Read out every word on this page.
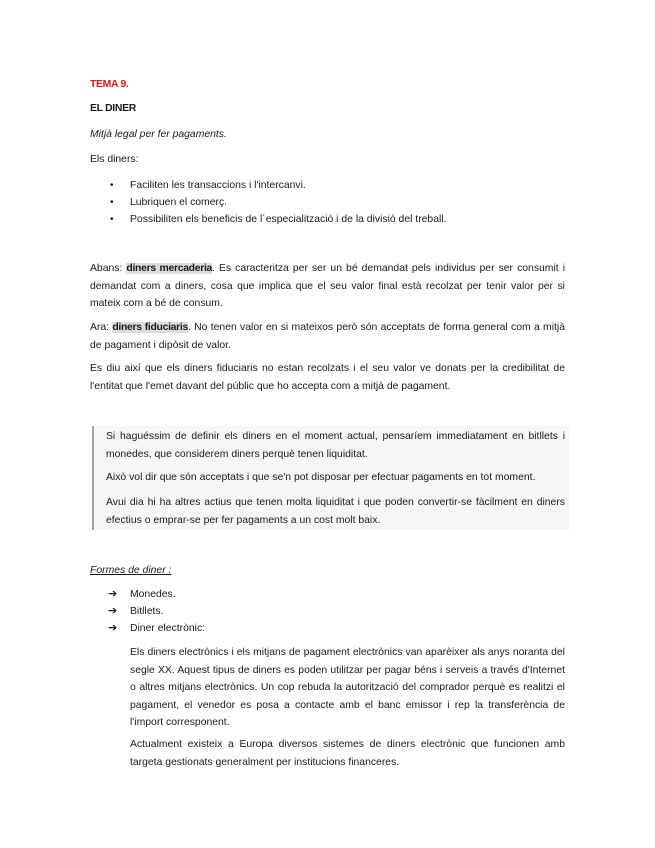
TEMA 9.
EL DINER
Mitjà legal per fer pagaments.
Els diners:
• Faciliten les transaccions i l'intercanvi.
• Lubriquen el comerç.
• Possibiliten els beneficis de l´especialització i de la divisió del treball.
Abans: diners mercaderia. Es caracteritza per ser un bé demandat pels individus per ser consumit i demandat com a diners, cosa que implica que el seu valor final està recolzat per tenir valor per si mateix com a bé de consum.
Ara: diners fiduciaris. No tenen valor en si mateixos però són acceptats de forma general com a mitjà de pagament i dipòsit de valor.
Es diu així que els diners fiduciaris no estan recolzats i el seu valor ve donats per la credibilitat de l'entitat que l'emet davant del públic que ho accepta com a mitjà de pagament.
Si haguéssim de definir els diners en el moment actual, pensaríem immediatament en bitllets i monedes, que considerem diners perquè tenen liquiditat.
Això vol dir que són acceptats i que se'n pot disposar per efectuar pagaments en tot moment.
Avui dia hi ha altres actius que tenen molta liquiditat i que poden convertir-se fàcilment en diners efectius o emprar-se per fer pagaments a un cost molt baix.
Formes de diner :
➔ Monedes.
➔ Bitllets.
➔ Diner electrònic:
Els diners electrònics i els mitjans de pagament electrònics van aparèixer als anys noranta del segle XX. Aquest tipus de diners es poden utilitzar per pagar béns i serveis a través d'Internet o altres mitjans electrònics. Un cop rebuda la autorització del comprador perquè es realitzi el pagament, el venedor es posa a contacte amb el banc emissor i rep la transferència de l'import corresponent.
Actualment existeix a Europa diversos sistemes de diners electrònic que funcionen amb targeta gestionats generalment per institucions financeres.
